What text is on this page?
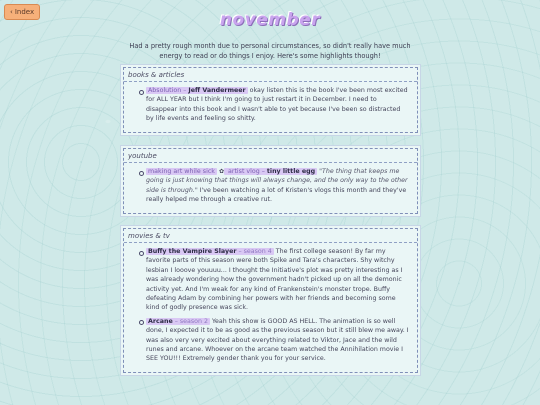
‹ Index	november
Had a pretty rough month due to personal circumstances, so didn't really have much energy to read or do things I enjoy. Here's some highlights though!
books & articles
Absolution – Jeff Vandermeer okay listen this is the book I've been most excited for ALL YEAR but I think I'm going to just restart it in December. I need to disappear into this book and I wasn't able to yet because I've been so distracted by life events and feeling so shitty.
youtube
making art while sick ✿ artist vlog – tiny little egg "The thing that keeps me going is just knowing that things will always change, and the only way to the other side is through." I've been watching a lot of Kristen's vlogs this month and they've really helped me through a creative rut.
movies & tv
Buffy the Vampire Slayer – season 4 The first college season! By far my favorite parts of this season were both Spike and Tara's characters. Shy witchy lesbian I looove youuuu... I thought the Initiative's plot was pretty interesting as I was already wondering how the government hadn't picked up on all the demonic activity yet. And I'm weak for any kind of Frankenstein's monster trope. Buffy defeating Adam by combining her powers with her friends and becoming some kind of godly presence was sick.
Arcane – season 2 Yeah this show is GOOD AS HELL. The animation is so well done, I expected it to be as good as the previous season but it still blew me away. I was also very very excited about everything related to Viktor, Jace and the wild runes and arcane. Whoever on the arcane team watched the Annihilation movie I SEE YOU!!! Extremely gender thank you for your service.
